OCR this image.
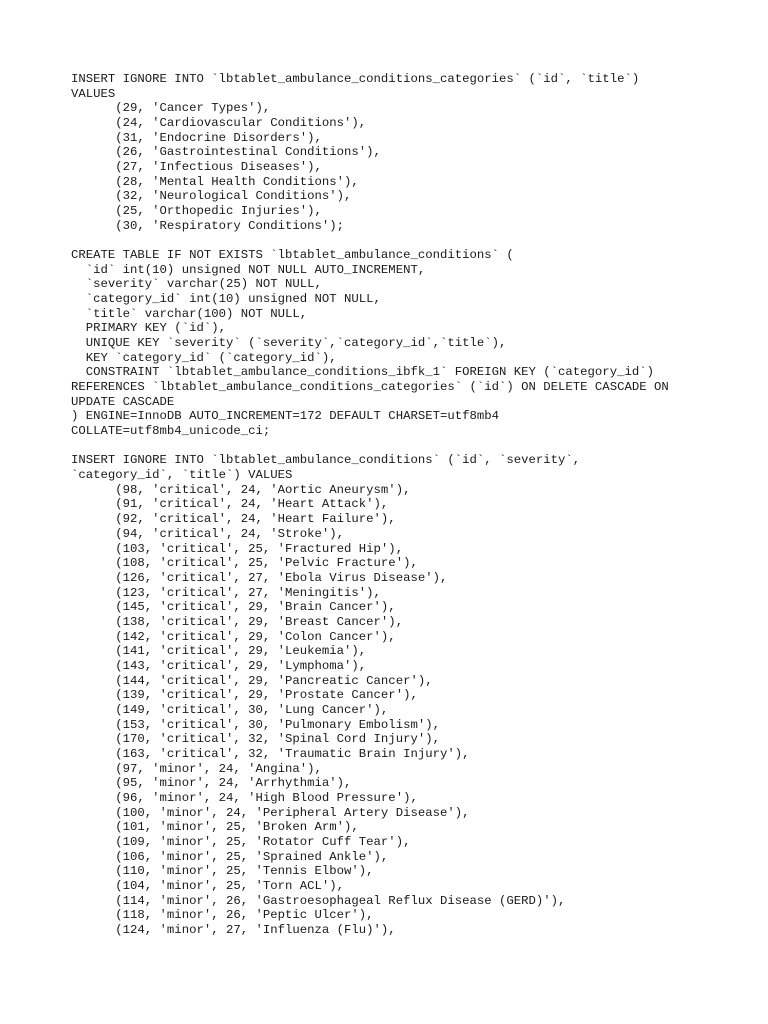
INSERT IGNORE INTO `lbtablet_ambulance_conditions_categories` (`id`, `title`)
VALUES
(29, 'Cancer Types'),
(24, 'Cardiovascular Conditions'),
(31, 'Endocrine Disorders'),
(26, 'Gastrointestinal Conditions'),
(27, 'Infectious Diseases'),
(28, 'Mental Health Conditions'),
(32, 'Neurological Conditions'),
(25, 'Orthopedic Injuries'),
(30, 'Respiratory Conditions');
CREATE TABLE IF NOT EXISTS `lbtablet_ambulance_conditions` (
`id` int(10) unsigned NOT NULL AUTO_INCREMENT,
`severity` varchar(25) NOT NULL,
`category_id` int(10) unsigned NOT NULL,
`title` varchar(100) NOT NULL,
PRIMARY KEY (`id`),
UNIQUE KEY `severity` (`severity`,`category_id`,`title`),
KEY `category_id` (`category_id`),
CONSTRAINT `lbtablet_ambulance_conditions_ibfk_1` FOREIGN KEY (`category_id`)
REFERENCES `lbtablet_ambulance_conditions_categories` (`id`) ON DELETE CASCADE ON
UPDATE CASCADE
) ENGINE=InnoDB AUTO_INCREMENT=172 DEFAULT CHARSET=utf8mb4
COLLATE=utf8mb4_unicode_ci;
INSERT IGNORE INTO `lbtablet_ambulance_conditions` (`id`, `severity`,
`category_id`, `title`) VALUES
(98, 'critical', 24, 'Aortic Aneurysm'),
(91, 'critical', 24, 'Heart Attack'),
(92, 'critical', 24, 'Heart Failure'),
(94, 'critical', 24, 'Stroke'),
(103, 'critical', 25, 'Fractured Hip'),
(108, 'critical', 25, 'Pelvic Fracture'),
(126, 'critical', 27, 'Ebola Virus Disease'),
(123, 'critical', 27, 'Meningitis'),
(145, 'critical', 29, 'Brain Cancer'),
(138, 'critical', 29, 'Breast Cancer'),
(142, 'critical', 29, 'Colon Cancer'),
(141, 'critical', 29, 'Leukemia'),
(143, 'critical', 29, 'Lymphoma'),
(144, 'critical', 29, 'Pancreatic Cancer'),
(139, 'critical', 29, 'Prostate Cancer'),
(149, 'critical', 30, 'Lung Cancer'),
(153, 'critical', 30, 'Pulmonary Embolism'),
(170, 'critical', 32, 'Spinal Cord Injury'),
(163, 'critical', 32, 'Traumatic Brain Injury'),
(97, 'minor', 24, 'Angina'),
(95, 'minor', 24, 'Arrhythmia'),
(96, 'minor', 24, 'High Blood Pressure'),
(100, 'minor', 24, 'Peripheral Artery Disease'),
(101, 'minor', 25, 'Broken Arm'),
(109, 'minor', 25, 'Rotator Cuff Tear'),
(106, 'minor', 25, 'Sprained Ankle'),
(110, 'minor', 25, 'Tennis Elbow'),
(104, 'minor', 25, 'Torn ACL'),
(114, 'minor', 26, 'Gastroesophageal Reflux Disease (GERD)'),
(118, 'minor', 26, 'Peptic Ulcer'),
(124, 'minor', 27, 'Influenza (Flu)'),
